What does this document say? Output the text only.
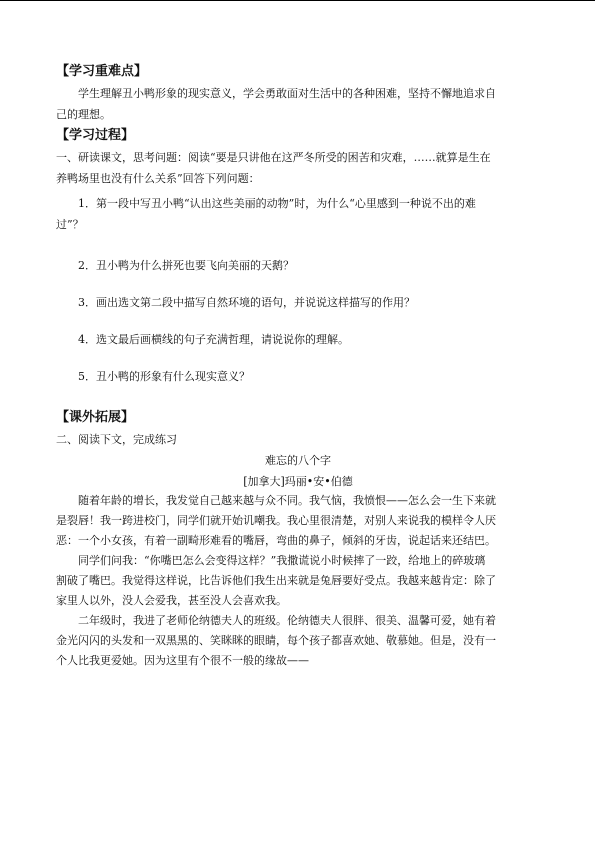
【学习重难点】
学生理解丑小鸭形象的现实意义，学会勇敢面对生活中的各种困难，坚持不懈地追求自
己的理想。
【学习过程】
一、研读课文，思考问题：阅读“要是只讲他在这严冬所受的困苦和灾难，……就算是生在
养鸭场里也没有什么关系”回答下列问题：
1．第一段中写丑小鸭“认出这些美丽的动物”时，为什么“心里感到一种说不出的难
过”？
2．丑小鸭为什么拼死也要飞向美丽的天鹅？
3．画出选文第二段中描写自然环境的语句，并说说这样描写的作用？
4．选文最后画横线的句子充满哲理，请说说你的理解。
5．丑小鸭的形象有什么现实意义？
【课外拓展】
二、阅读下文，完成练习
难忘的八个字
[加拿大]玛丽•安•伯德
随着年龄的增长，我发觉自己越来越与众不同。我气恼，我愤恨——怎么会一生下来就
是裂唇！我一跨进校门，同学们就开始讥嘲我。我心里很清楚，对别人来说我的模样令人厌
恶：一个小女孩，有着一副畸形难看的嘴唇，弯曲的鼻子，倾斜的牙齿，说起话来还结巴。
同学们问我：“你嘴巴怎么会变得这样？”我撒谎说小时候摔了一跤，给地上的碎玻璃
割破了嘴巴。我觉得这样说，比告诉他们我生出来就是兔唇要好受点。我越来越肯定：除了
家里人以外，没人会爱我，甚至没人会喜欢我。
二年级时，我进了老师伦纳德夫人的班级。伦纳德夫人很胖、很美、温馨可爱，她有着
金光闪闪的头发和一双黑黑的、笑眯眯的眼睛，每个孩子都喜欢她、敬慕她。但是，没有一
个人比我更爱她。因为这里有个很不一般的缘故——
